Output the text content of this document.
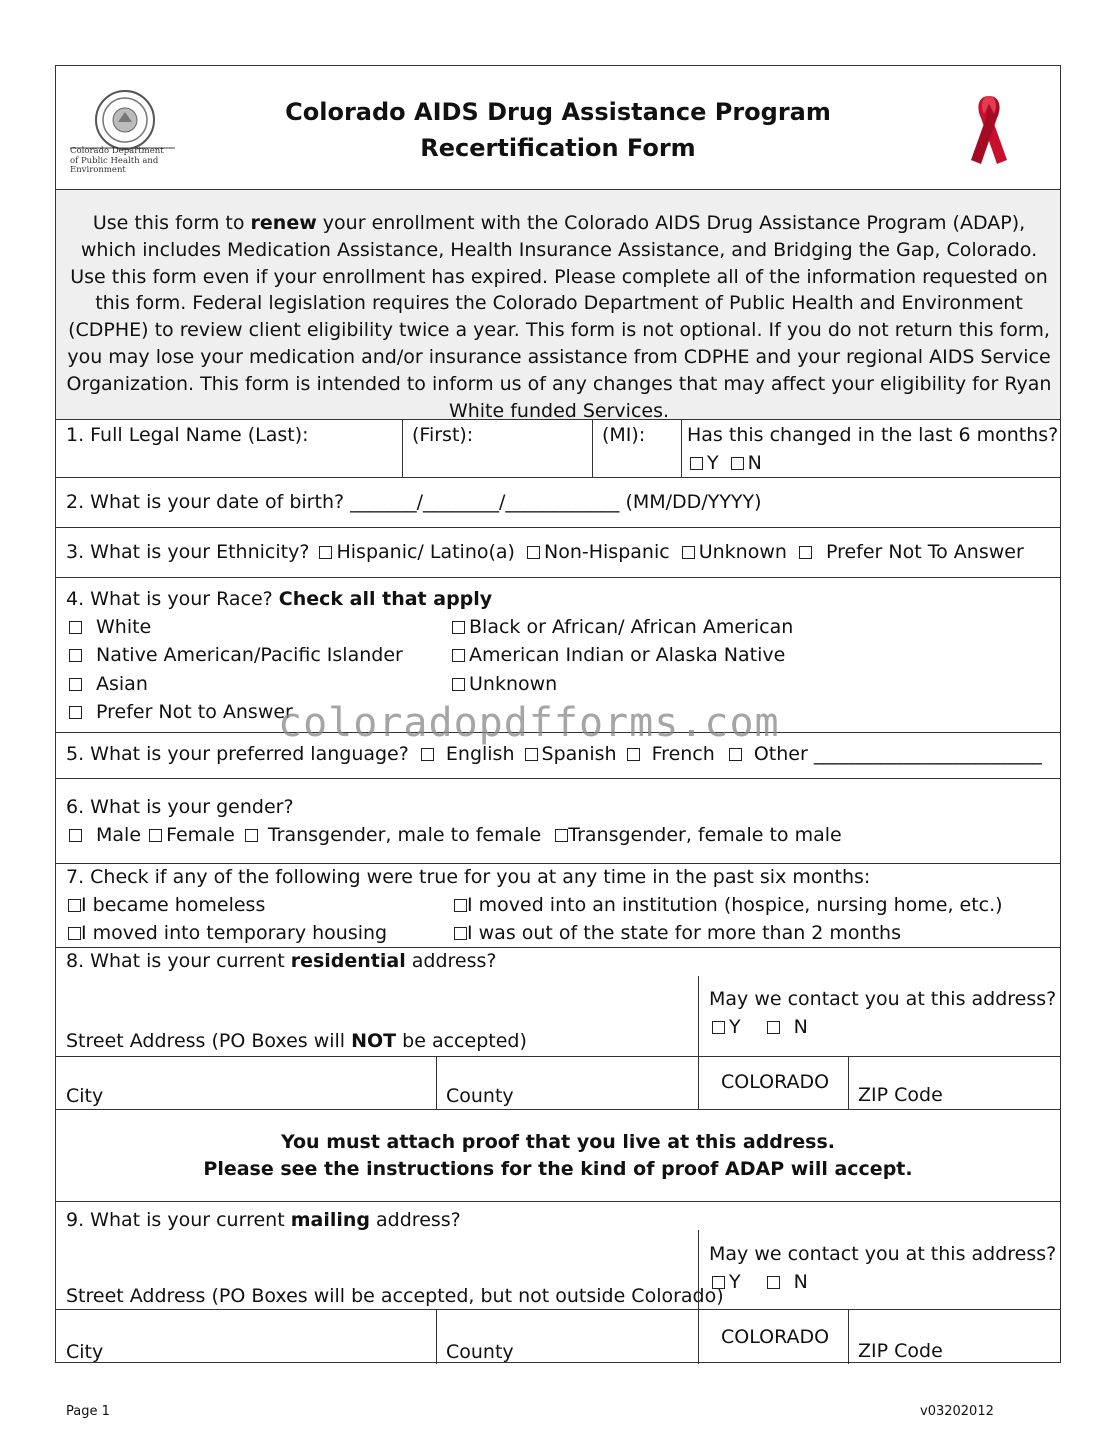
Colorado Department of Public Health and Environment
Colorado AIDS Drug Assistance Program
Recertification Form
Use this form to renew your enrollment with the Colorado AIDS Drug Assistance Program (ADAP), which includes Medication Assistance, Health Insurance Assistance, and Bridging the Gap, Colorado. Use this form even if your enrollment has expired. Please complete all of the information requested on this form. Federal legislation requires the Colorado Department of Public Health and Environment (CDPHE) to review client eligibility twice a year. This form is not optional. If you do not return this form, you may lose your medication and/or insurance assistance from CDPHE and your regional AIDS Service Organization. This form is intended to inform us of any changes that may affect your eligibility for Ryan White funded Services.
1. Full Legal Name (Last):	(First):	(MI): Has this changed in the last 6 months?
Y N
2. What is your date of birth? _______/________/____________ (MM/DD/YYYY)
3. What is your Ethnicity? Hispanic/ Latino(a) Non-Hispanic Unknown Prefer Not To Answer
4. What is your Race? Check all that apply
White
Native American/Pacific Islander
Asian
Prefer Not to Answer
Black or African/ African American
American Indian or Alaska Native
Unknown
5. What is your preferred language? English Spanish French Other ________________________
6. What is your gender?
Male Female Transgender, male to female Transgender, female to male
7. Check if any of the following were true for you at any time in the past six months:
I became homeless	I moved into an institution (hospice, nursing home, etc.)
I moved into temporary housing	I was out of the state for more than 2 months
8. What is your current residential address?
Street Address (PO Boxes will NOT be accepted)
May we contact you at this address?
Y	N
City	County
COLORADO
ZIP Code
You must attach proof that you live at this address.
Please see the instructions for the kind of proof ADAP will accept.
9. What is your current mailing address?
Street Address (PO Boxes will be accepted, but not outside Colorado)
May we contact you at this address?
Y	N
City	County
COLORADO
ZIP Code
coloradopdfforms.com
Page 1	v03202012
